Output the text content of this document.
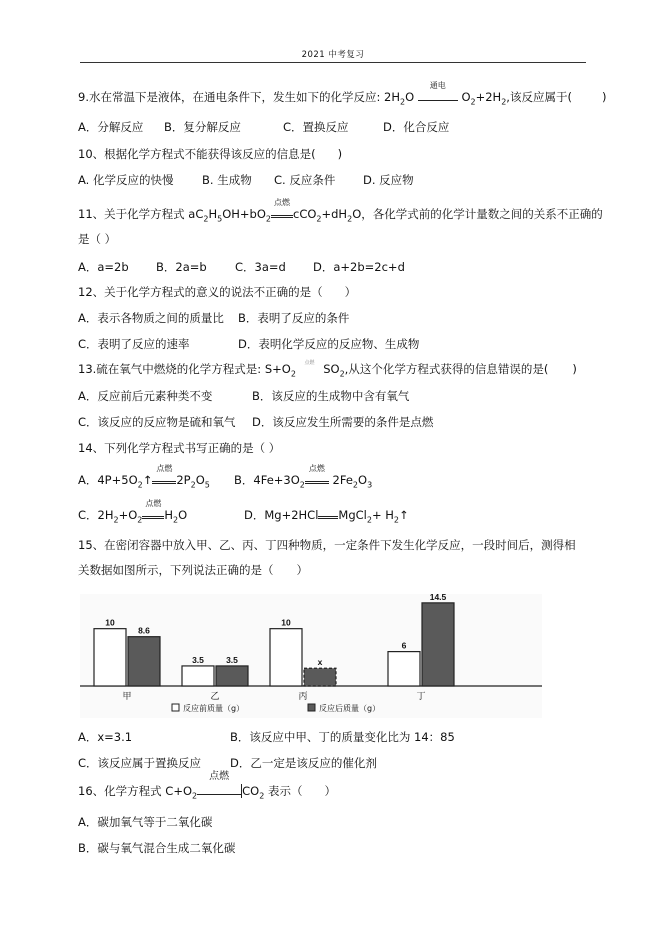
2021 中考复习
9.水在常温下是液体，在通电条件下，发生如下的化学反应: $2H_2O$
通电
$O_2+2H_2$,该反应属于(	)
A．分解反应 B．复分解反应	C．置换反应	D．化合反应
10、根据化学方程式不能获得该反应的信息是( )
A. 化学反应的快慢 B. 生成物 C. 反应条件 D. 反应物
11、关于化学方程式 $aC_2H_5OH+bO_2$
点燃
$cCO_2+dH_2O$，各化学式前的化学计量数之间的关系不正确的
是（ ）
A．a=2b B．2a=b C．3a=d D．a+2b=2c+d
12、关于化学方程式的意义的说法不正确的是（ ）
A．表示各物质之间的质量比 B．表明了反应的条件
C．表明了反应的速率	D．表明化学反应的反应物、生成物
13.硫在氧气中燃烧的化学方程式是: $S+O_2$
点燃 $SO_2$,从这个化学方程式获得的信息错误的是( )
A．反应前后元素种类不变	B．该反应的生成物中含有氧气
C．该反应的反应物是硫和氧气 D．该反应发生所需要的条件是点燃
14、下列化学方程式书写正确的是（ ）
A．$4P+5O_2↑$
点燃
$2P_2O_5$ B．$4Fe+3O_2$
点燃
$2Fe_2O_3$
C．$2H_2+O_2$
点燃
$H_2O$	D．Mg+2HCl MgCl$_2$+ $H_2↑$
15、在密闭容器中放入甲、乙、丙、丁四种物质，一定条件下发生化学反应，一段时间后，测得相
关数据如图所示，下列说法正确的是（　　）
10
8.6
甲
3.5	3.5
乙
10
x
丙
6
14.5
丁
反应前质量（g）	反应后质量（g）
A．x=3.1	B．该反应中甲、丁的质量变化比为 14：85
C．该反应属于置换反应	D．乙一定是该反应的催化剂
16、化学方程式 $C+O_2$
点燃
$CO_2$ 表示（ ）
A．碳加氧气等于二氧化碳
B．碳与氧气混合生成二氧化碳
